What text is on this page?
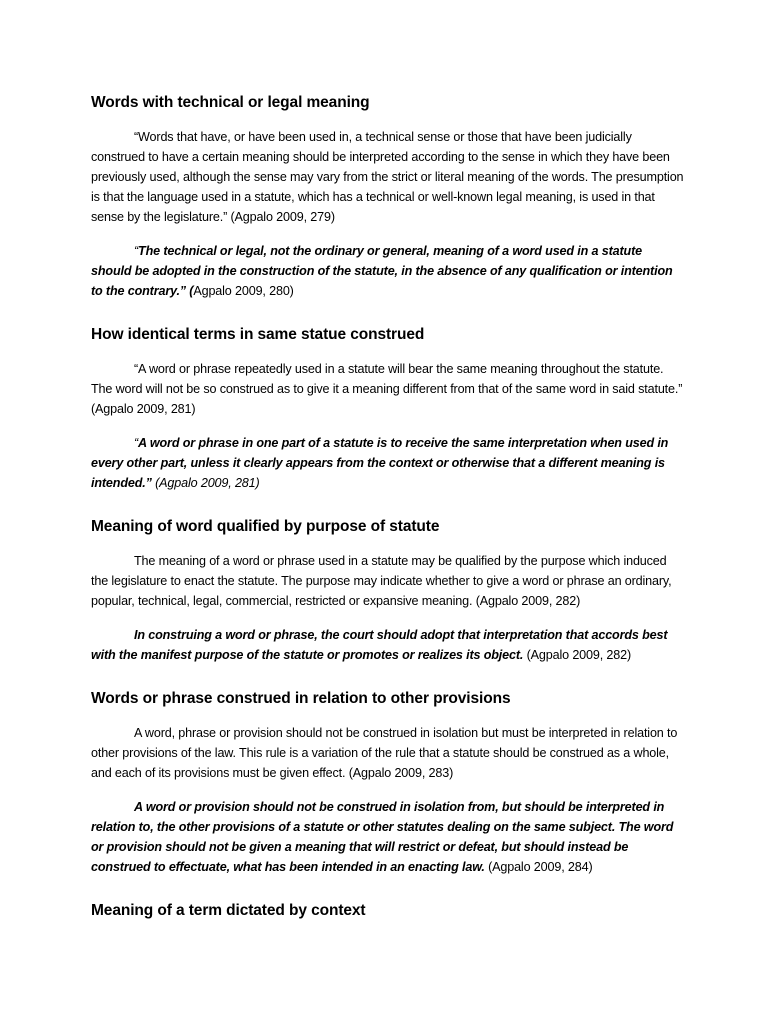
Words with technical or legal meaning

“Words that have, or have been used in, a technical sense or those that have been judicially construed to have a certain meaning should be interpreted according to the sense in which they have been previously used, although the sense may vary from the strict or literal meaning of the words. The presumption is that the language used in a statute, which has a technical or well-known legal meaning, is used in that sense by the legislature.” (Agpalo 2009, 279)

“The technical or legal, not the ordinary or general, meaning of a word used in a statute should be adopted in the construction of the statute, in the absence of any qualification or intention to the contrary.” (Agpalo 2009, 280)

How identical terms in same statue construed

“A word or phrase repeatedly used in a statute will bear the same meaning throughout the statute. The word will not be so construed as to give it a meaning different from that of the same word in said statute.” (Agpalo 2009, 281)

“A word or phrase in one part of a statute is to receive the same interpretation when used in every other part, unless it clearly appears from the context or otherwise that a different meaning is intended.” (Agpalo 2009, 281)

Meaning of word qualified by purpose of statute

The meaning of a word or phrase used in a statute may be qualified by the purpose which induced the legislature to enact the statute. The purpose may indicate whether to give a word or phrase an ordinary, popular, technical, legal, commercial, restricted or expansive meaning. (Agpalo 2009, 282)

In construing a word or phrase, the court should adopt that interpretation that accords best with the manifest purpose of the statute or promotes or realizes its object. (Agpalo 2009, 282)

Words or phrase construed in relation to other provisions

A word, phrase or provision should not be construed in isolation but must be interpreted in relation to other provisions of the law. This rule is a variation of the rule that a statute should be construed as a whole, and each of its provisions must be given effect. (Agpalo 2009, 283)

A word or provision should not be construed in isolation from, but should be interpreted in relation to, the other provisions of a statute or other statutes dealing on the same subject. The word or provision should not be given a meaning that will restrict or defeat, but should instead be construed to effectuate, what has been intended in an enacting law. (Agpalo 2009, 284)

Meaning of a term dictated by context
